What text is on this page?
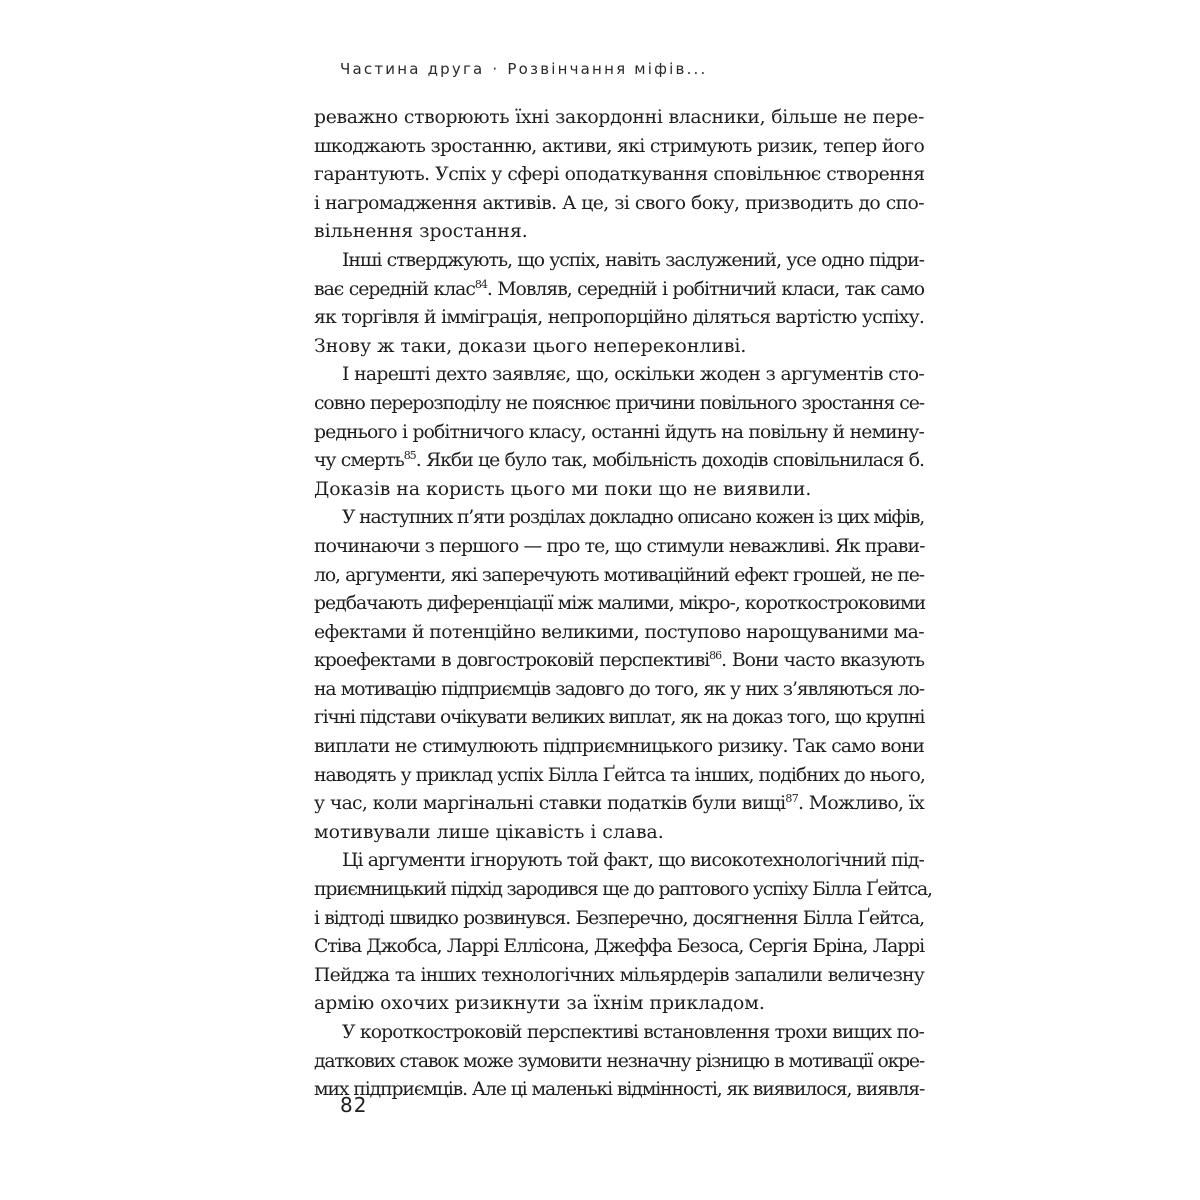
Частина друга · Розвінчання міфів...
реважно створюють їхні закордонні власники, більше не пере-
шкоджають зростанню, активи, які стримують ризик, тепер його
гарантують. Успіх у сфері оподаткування сповільнює створення
і нагромадження активів. А це, зі свого боку, призводить до спо-
вільнення зростання.
Інші стверджують, що успіх, навіть заслужений, усе одно підри-
ває середній клас$^{84}$. Мовляв, середній і робітничий класи, так само
як торгівля й імміграція, непропорційно діляться вартістю успіху.
Знову ж таки, докази цього непереконливі.
І нарешті дехто заявляє, що, оскільки жоден з аргументів сто-
совно перерозподілу не пояснює причини повільного зростання се-
реднього і робітничого класу, останні йдуть на повільну й немину-
чу смерть$^{85}$. Якби це було так, мобільність доходів сповільнилася б.
Доказів на користь цього ми поки що не виявили.
У наступних п’яти розділах докладно описано кожен із цих міфів,
починаючи з першого — про те, що стимули неважливі. Як прави-
ло, аргументи, які заперечують мотиваційний ефект грошей, не пе-
редбачають диференціації між малими, мікро-, короткостроковими
ефектами й потенційно великими, поступово нарощуваними ма-
кроефектами в довгостроковій перспективі$^{86}$. Вони часто вказують
на мотивацію підприємців задовго до того, як у них з’являються ло-
гічні підстави очікувати великих виплат, як на доказ того, що крупні
виплати не стимулюють підприємницького ризику. Так само вони
наводять у приклад успіх Білла Ґейтса та інших, подібних до нього,
у час, коли маргінальні ставки податків були вищі$^{87}$. Можливо, їх
мотивували лише цікавість і слава.
Ці аргументи ігнорують той факт, що високотехнологічний під-
приємницький підхід зародився ще до раптового успіху Білла Ґейтса,
і відтоді швидко розвинувся. Безперечно, досягнення Білла Ґейтса,
Стіва Джобса, Ларрі Еллісона, Джеффа Безоса, Сергія Бріна, Ларрі
Пейджа та інших технологічних мільярдерів запалили величезну
армію охочих ризикнути за їхнім прикладом.
У короткостроковій перспективі встановлення трохи вищих по-
даткових ставок може зумовити незначну різницю в мотивації окре-
мих підприємців. Але ці маленькі відмінності, як виявилося, виявля-
82
